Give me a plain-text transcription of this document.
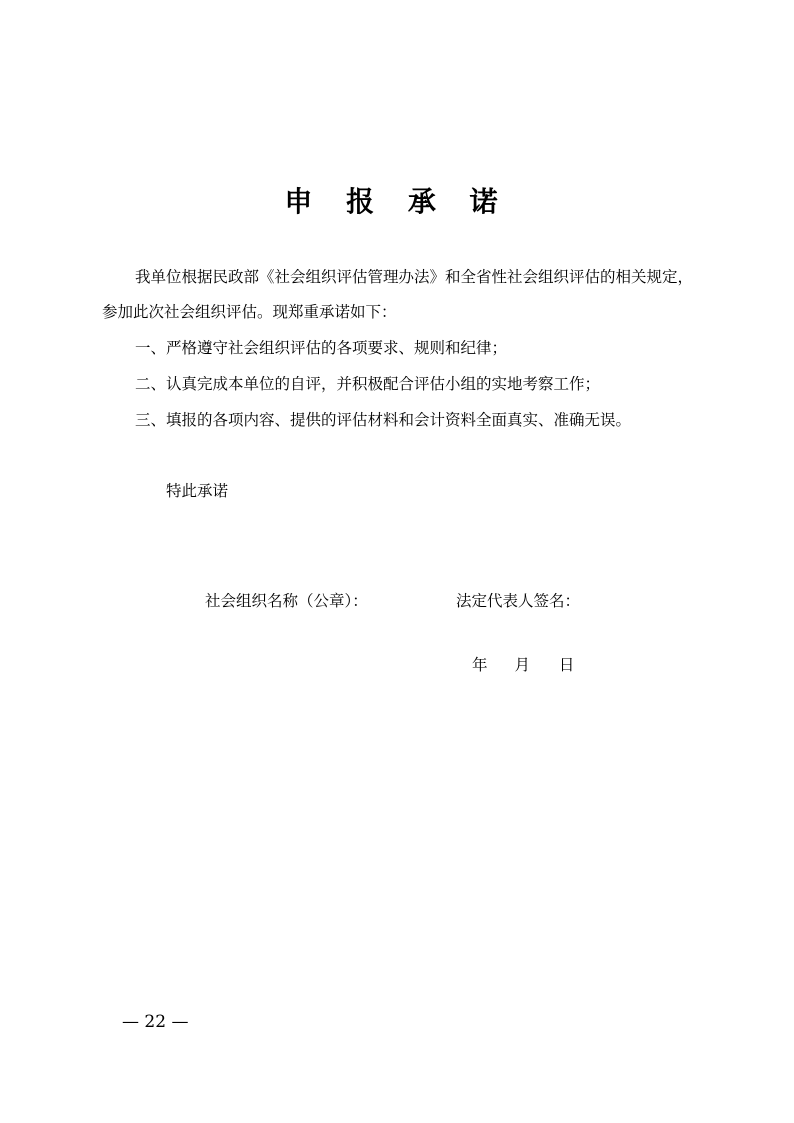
申 报 承 诺
我单位根据民政部《社会组织评估管理办法》和全省性社会组织评估的相关规定，
参加此次社会组织评估。现郑重承诺如下：
一、严格遵守社会组织评估的各项要求、规则和纪律；
二、认真完成本单位的自评，并积极配合评估小组的实地考察工作；
三、填报的各项内容、提供的评估材料和会计资料全面真实、准确无误。
特此承诺
社会组织名称（公章）：	法定代表人签名：
年 月 日
— 22 —
